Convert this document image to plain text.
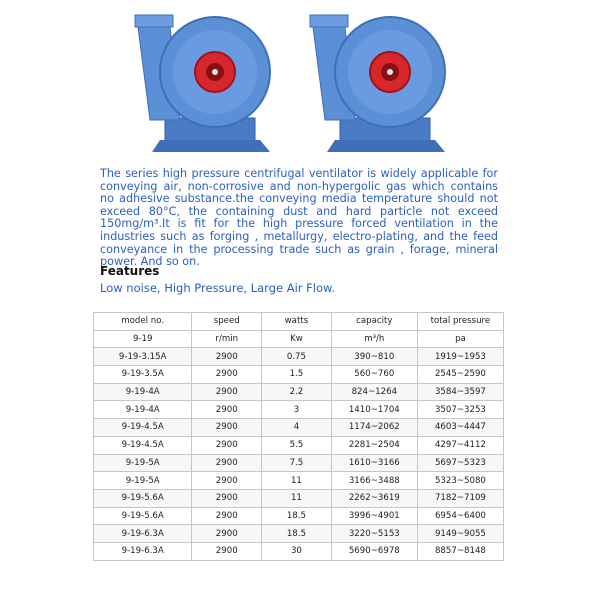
The series high pressure centrifugal ventilator is widely applicable for conveying air, non-corrosive and non-hypergolic gas which contains no adhesive substance.the conveying media temperature should not exceed 80°C, the containing dust and hard particle not exceed 150mg/m³.It is fit for the high pressure forced ventilation in the industries such as forging , metallurgy, electro-plating, and the feed conveyance in the processing trade such as grain , forage, mineral power. And so on.

Features
Low noise, High Pressure, Large Air Flow.
model no.	speed	watts	capacity	total pressure
9-19	r/min	Kw	m³/h	pa
9-19-3.15A	2900	0.75	390~810	1919~1953
9-19-3.5A	2900	1.5	560~760	2545~2590
9-19-4A	2900	2.2	824~1264	3584~3597
9-19-4A	2900	3	1410~1704	3507~3253
9-19-4.5A	2900	4	1174~2062	4603~4447
9-19-4.5A	2900	5.5	2281~2504	4297~4112
9-19-5A	2900	7.5	1610~3166	5697~5323
9-19-5A	2900	11	3166~3488	5323~5080
9-19-5.6A	2900	11	2262~3619	7182~7109
9-19-5.6A	2900	18.5	3996~4901	6954~6400
9-19-6.3A	2900	18.5	3220~5153	9149~9055
9-19-6.3A	2900	30	5690~6978	8857~8148
